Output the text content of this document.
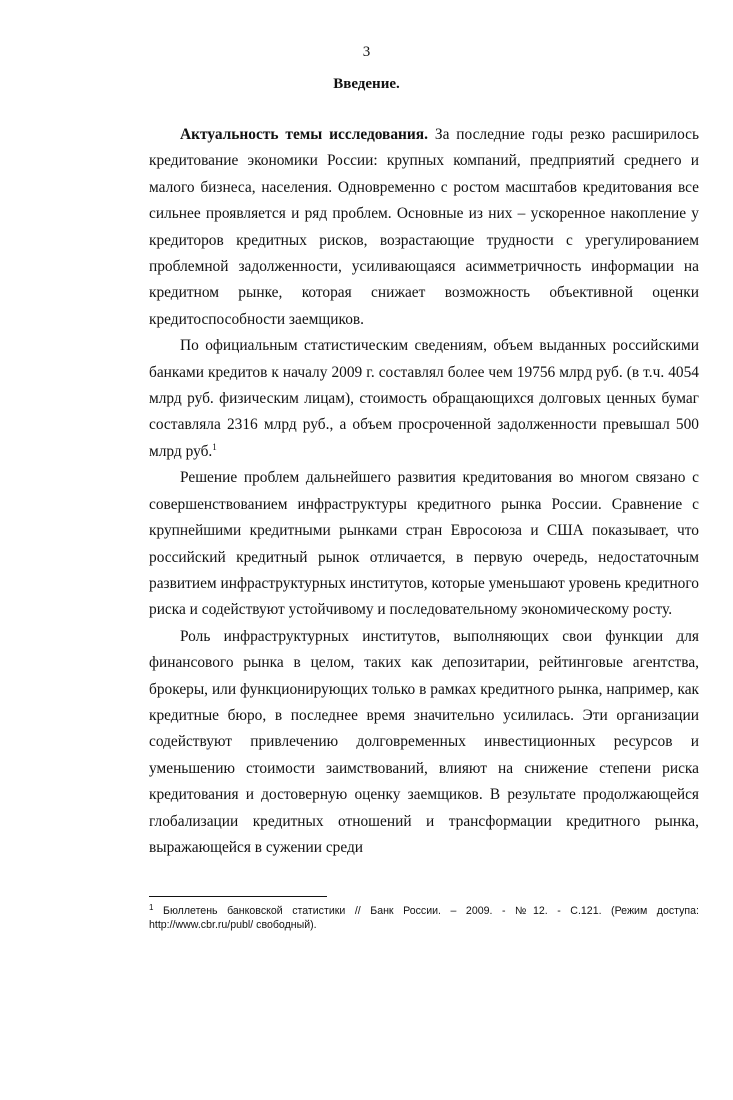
3
Введение.

Актуальность темы исследования. За последние годы резко расширилось кредитование экономики России: крупных компаний, предприятий среднего и малого бизнеса, населения. Одновременно с ростом масштабов кредитования все сильнее проявляется и ряд проблем. Основные из них – ускоренное накопление у кредиторов кредитных рисков, возрастающие трудности с урегулированием проблемной задолженности, усиливающаяся асимметричность информации на кредитном рынке, которая снижает возможность объективной оценки кредитоспособности заемщиков.

По официальным статистическим сведениям, объем выданных российскими банками кредитов к началу 2009 г. составлял более чем 19756 млрд руб. (в т.ч. 4054 млрд руб. физическим лицам), стоимость обращающихся долговых ценных бумаг составляла 2316 млрд руб., а объем просроченной задолженности превышал 500 млрд руб.$^1$

Решение проблем дальнейшего развития кредитования во многом связано с совершенствованием инфраструктуры кредитного рынка России. Сравнение с крупнейшими кредитными рынками стран Евросоюза и США показывает, что российский кредитный рынок отличается, в первую очередь, недостаточным развитием инфраструктурных институтов, которые уменьшают уровень кредитного риска и содействуют устойчивому и последовательному экономическому росту.

Роль инфраструктурных институтов, выполняющих свои функции для финансового рынка в целом, таких как депозитарии, рейтинговые агентства, брокеры, или функционирующих только в рамках кредитного рынка, например, как кредитные бюро, в последнее время значительно усилилась. Эти организации содействуют привлечению долговременных инвестиционных ресурсов и уменьшению стоимости заимствований, влияют на снижение степени риска кредитования и достоверную оценку заемщиков. В результате продолжающейся глобализации кредитных отношений и трансформации кредитного рынка, выражающейся в сужении среди

$^1$ Бюллетень банковской статистики // Банк России. – 2009. - №12. - С.121. (Режим доступа: http://www.cbr.ru/publ/ свободный).
